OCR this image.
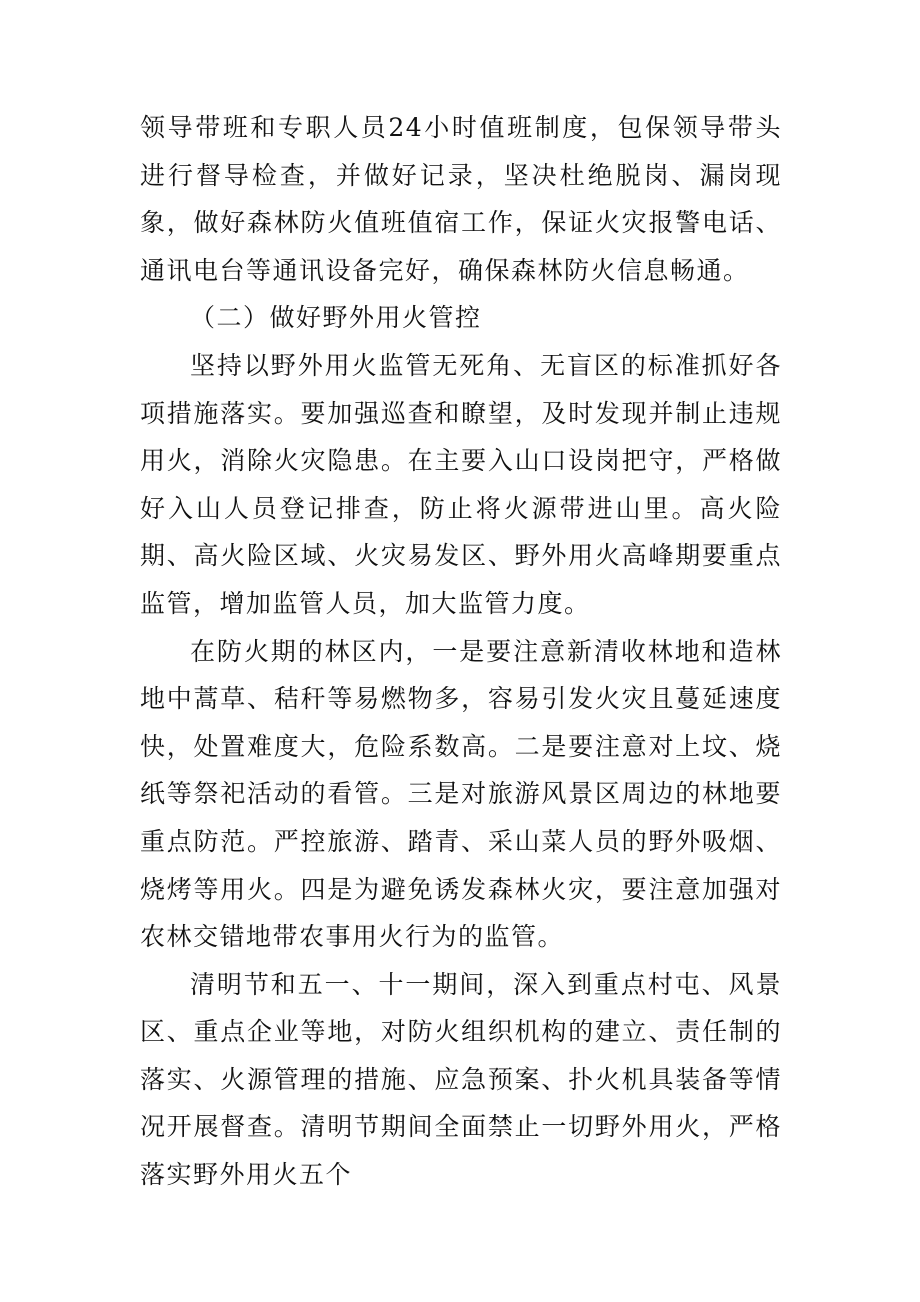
领导带班和专职人员24小时值班制度，包保领导带头进行督导检查，并做好记录，坚决杜绝脱岗、漏岗现象，做好森林防火值班值宿工作，保证火灾报警电话、通讯电台等通讯设备完好，确保森林防火信息畅通。

（二）做好野外用火管控

坚持以野外用火监管无死角、无盲区的标准抓好各项措施落实。要加强巡查和瞭望，及时发现并制止违规用火，消除火灾隐患。在主要入山口设岗把守，严格做好入山人员登记排查，防止将火源带进山里。高火险期、高火险区域、火灾易发区、野外用火高峰期要重点监管，增加监管人员，加大监管力度。

在防火期的林区内，一是要注意新清收林地和造林地中蒿草、秸秆等易燃物多，容易引发火灾且蔓延速度快，处置难度大，危险系数高。二是要注意对上坟、烧纸等祭祀活动的看管。三是对旅游风景区周边的林地要重点防范。严控旅游、踏青、采山菜人员的野外吸烟、烧烤等用火。四是为避免诱发森林火灾，要注意加强对农林交错地带农事用火行为的监管。

清明节和五一、十一期间，深入到重点村屯、风景区、重点企业等地，对防火组织机构的建立、责任制的落实、火源管理的措施、应急预案、扑火机具装备等情况开展督查。清明节期间全面禁止一切野外用火，严格落实野外用火五个
